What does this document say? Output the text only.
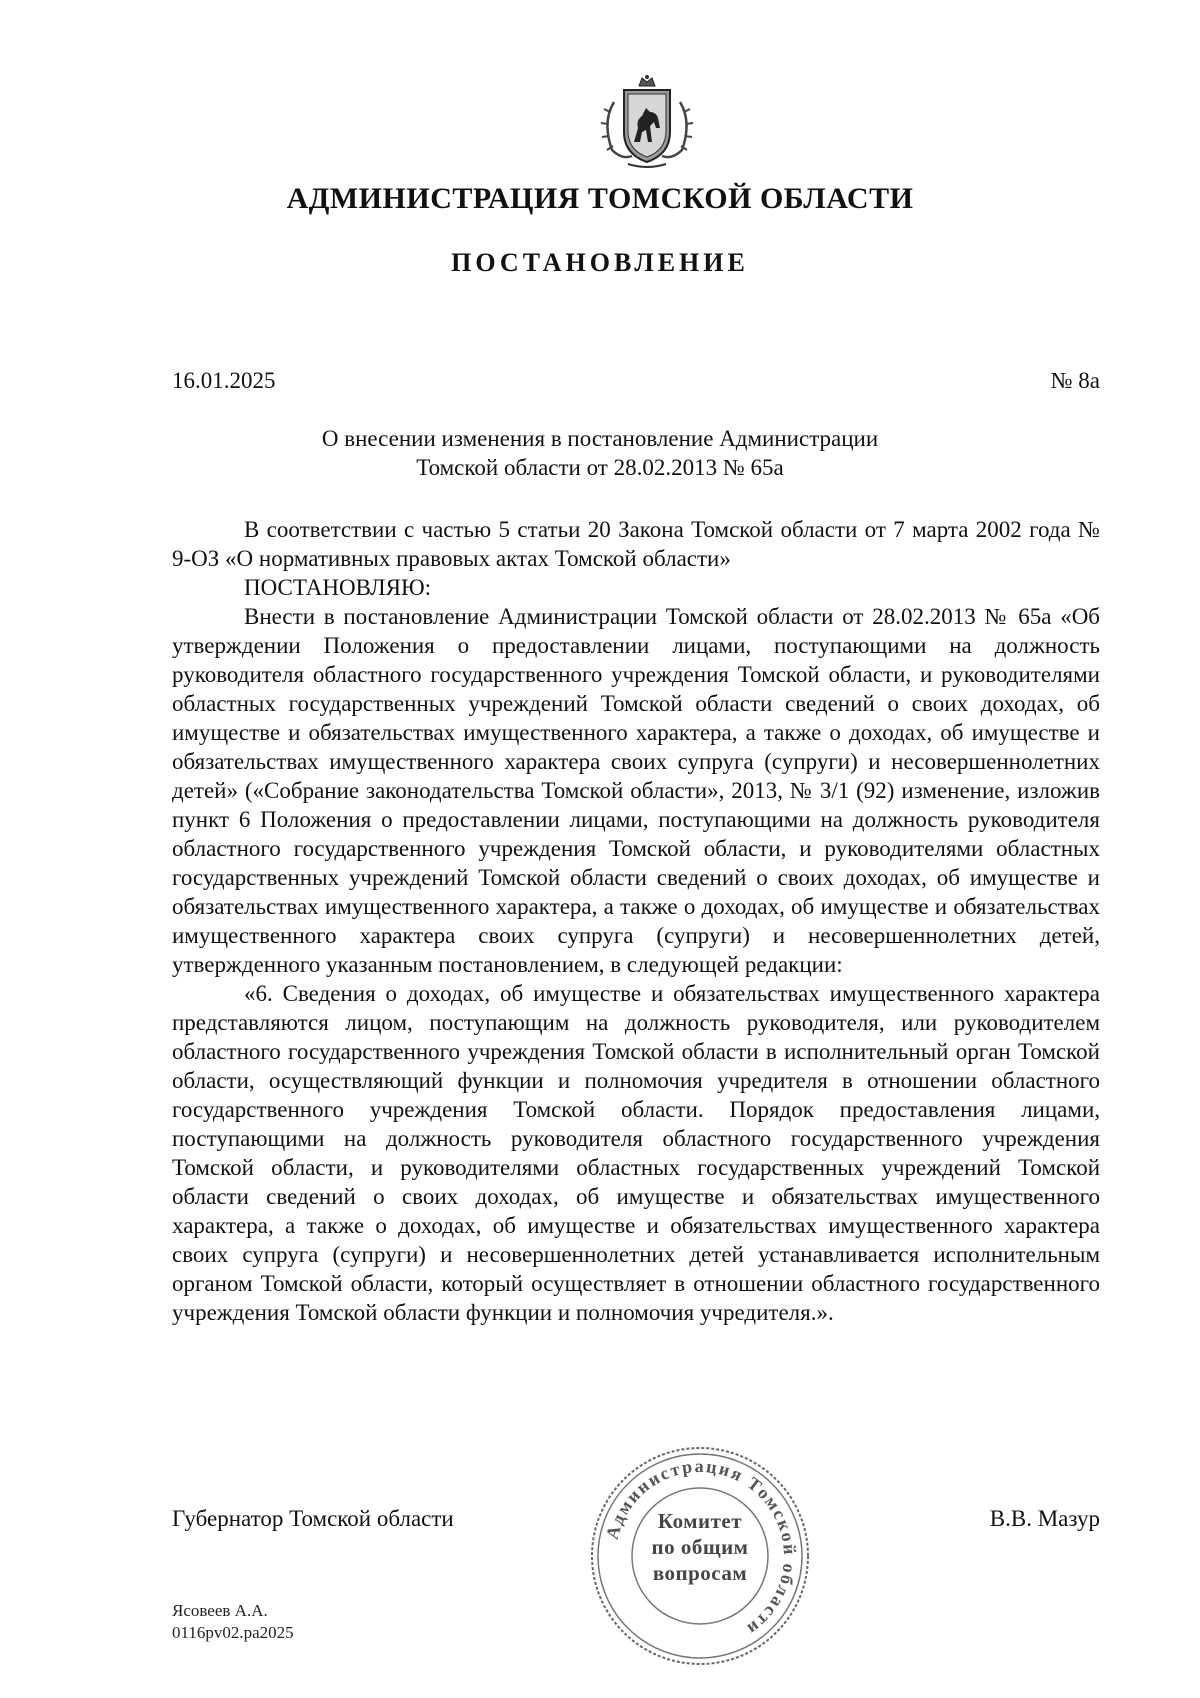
АДМИНИСТРАЦИЯ ТОМСКОЙ ОБЛАСТИ
ПОСТАНОВЛЕНИЕ
16.01.2025	№ 8а
О внесении изменения в постановление Администрации
Томской области от 28.02.2013 № 65а

В соответствии с частью 5 статьи 20 Закона Томской области от 7 марта 2002 года № 9-ОЗ «О нормативных правовых актах Томской области»

ПОСТАНОВЛЯЮ:

Внести в постановление Администрации Томской области от 28.02.2013 № 65а «Об утверждении Положения о предоставлении лицами, поступающими на должность руководителя областного государственного учреждения Томской области, и руководителями областных государственных учреждений Томской области сведений о своих доходах, об имуществе и обязательствах имущественного характера, а также о доходах, об имуществе и обязательствах имущественного характера своих супруга (супруги) и несовершеннолетних детей» («Собрание законодательства Томской области», 2013, № 3/1 (92) изменение, изложив пункт 6 Положения о предоставлении лицами, поступающими на должность руководителя областного государственного учреждения Томской области, и руководителями областных государственных учреждений Томской области сведений о своих доходах, об имуществе и обязательствах имущественного характера, а также о доходах, об имуществе и обязательствах имущественного характера своих супруга (супруги) и несовершеннолетних детей, утвержденного указанным постановлением, в следующей редакции:

«6. Сведения о доходах, об имуществе и обязательствах имущественного характера представляются лицом, поступающим на должность руководителя, или руководителем областного государственного учреждения Томской области в исполнительный орган Томской области, осуществляющий функции и полномочия учредителя в отношении областного государственного учреждения Томской области. Порядок предоставления лицами, поступающими на должность руководителя областного государственного учреждения Томской области, и руководителями областных государственных учреждений Томской области сведений о своих доходах, об имуществе и обязательствах имущественного характера, а также о доходах, об имуществе и обязательствах имущественного характера своих супруга (супруги) и несовершеннолетних детей устанавливается исполнительным органом Томской области, который осуществляет в отношении областного государственного учреждения Томской области функции и полномочия учредителя.».

Губернатор Томской области	В.В. Мазур
Администрация Томской области
Комитет
по общим
вопросам
Ясовеев А.А.
0116рv02.ра2025
